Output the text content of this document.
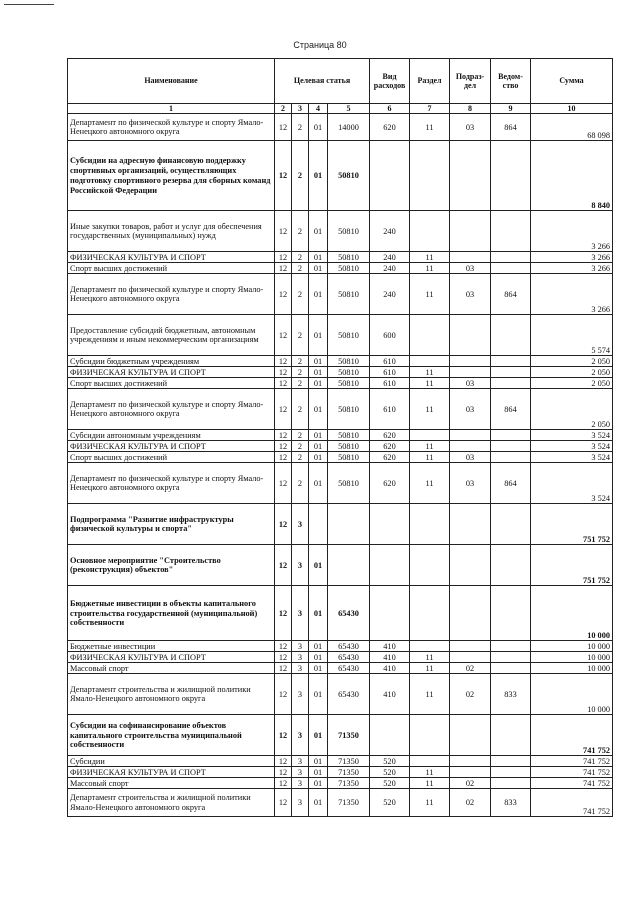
Страница 80
Наименование	Целевая статья				Вид расходов	Раздел	Подраз-дел	Ведом-ство	Сумма
1	2	3	4	5	6	7	8	9	10
Департамент по физической культуре и спорту Ямало-Ненецкого автономного округа	12	2	01	14000	620	11	03	864	68 098
Субсидии на адресную финансовую поддержку спортивных организаций, осуществляющих подготовку спортивного резерва для сборных команд Российской Федерации	12	2	01	50810					8 840
Иные закупки товаров, работ и услуг для обеспечения государственных (муниципальных) нужд	12	2	01	50810	240				3 266
ФИЗИЧЕСКАЯ КУЛЬТУРА И СПОРТ	12	2	01	50810	240	11			3 266
Спорт высших достижений	12	2	01	50810	240	11	03		3 266
Департамент по физической культуре и спорту Ямало-Ненецкого автономного округа	12	2	01	50810	240	11	03	864	3 266
Предоставление субсидий бюджетным, автономным учреждениям и иным некоммерческим организациям	12	2	01	50810	600				5 574
Субсидии бюджетным учреждениям	12	2	01	50810	610				2 050
ФИЗИЧЕСКАЯ КУЛЬТУРА И СПОРТ	12	2	01	50810	610	11			2 050
Спорт высших достижений	12	2	01	50810	610	11	03		2 050
Департамент по физической культуре и спорту Ямало-Ненецкого автономного округа	12	2	01	50810	610	11	03	864	2 050
Субсидии автономным учреждениям	12	2	01	50810	620				3 524
ФИЗИЧЕСКАЯ КУЛЬТУРА И СПОРТ	12	2	01	50810	620	11			3 524
Спорт высших достижений	12	2	01	50810	620	11	03		3 524
Департамент по физической культуре и спорту Ямало-Ненецкого автономного округа	12	2	01	50810	620	11	03	864	3 524
Подпрограмма "Развитие инфраструктуры физической культуры и спорта"	12	3							751 752
Основное мероприятие "Строительство (реконструкция) объектов"	12	3	01						751 752
Бюджетные инвестиции в объекты капитального строительства государственной (муниципальной) собственности	12	3	01	65430					10 000
Бюджетные инвестиции	12	3	01	65430	410				10 000
ФИЗИЧЕСКАЯ КУЛЬТУРА И СПОРТ	12	3	01	65430	410	11			10 000
Массовый спорт	12	3	01	65430	410	11	02		10 000
Департамент строительства и жилищной политики Ямало-Ненецкого автономного округа	12	3	01	65430	410	11	02	833	10 000
Субсидии на софинансирование объектов капитального строительства муниципальной собственности	12	3	01	71350					741 752
Субсидии	12	3	01	71350	520				741 752
ФИЗИЧЕСКАЯ КУЛЬТУРА И СПОРТ	12	3	01	71350	520	11			741 752
Массовый спорт	12	3	01	71350	520	11	02		741 752
Департамент строительства и жилищной политики Ямало-Ненецкого автономного округа	12	3	01	71350	520	11	02	833	741 752
